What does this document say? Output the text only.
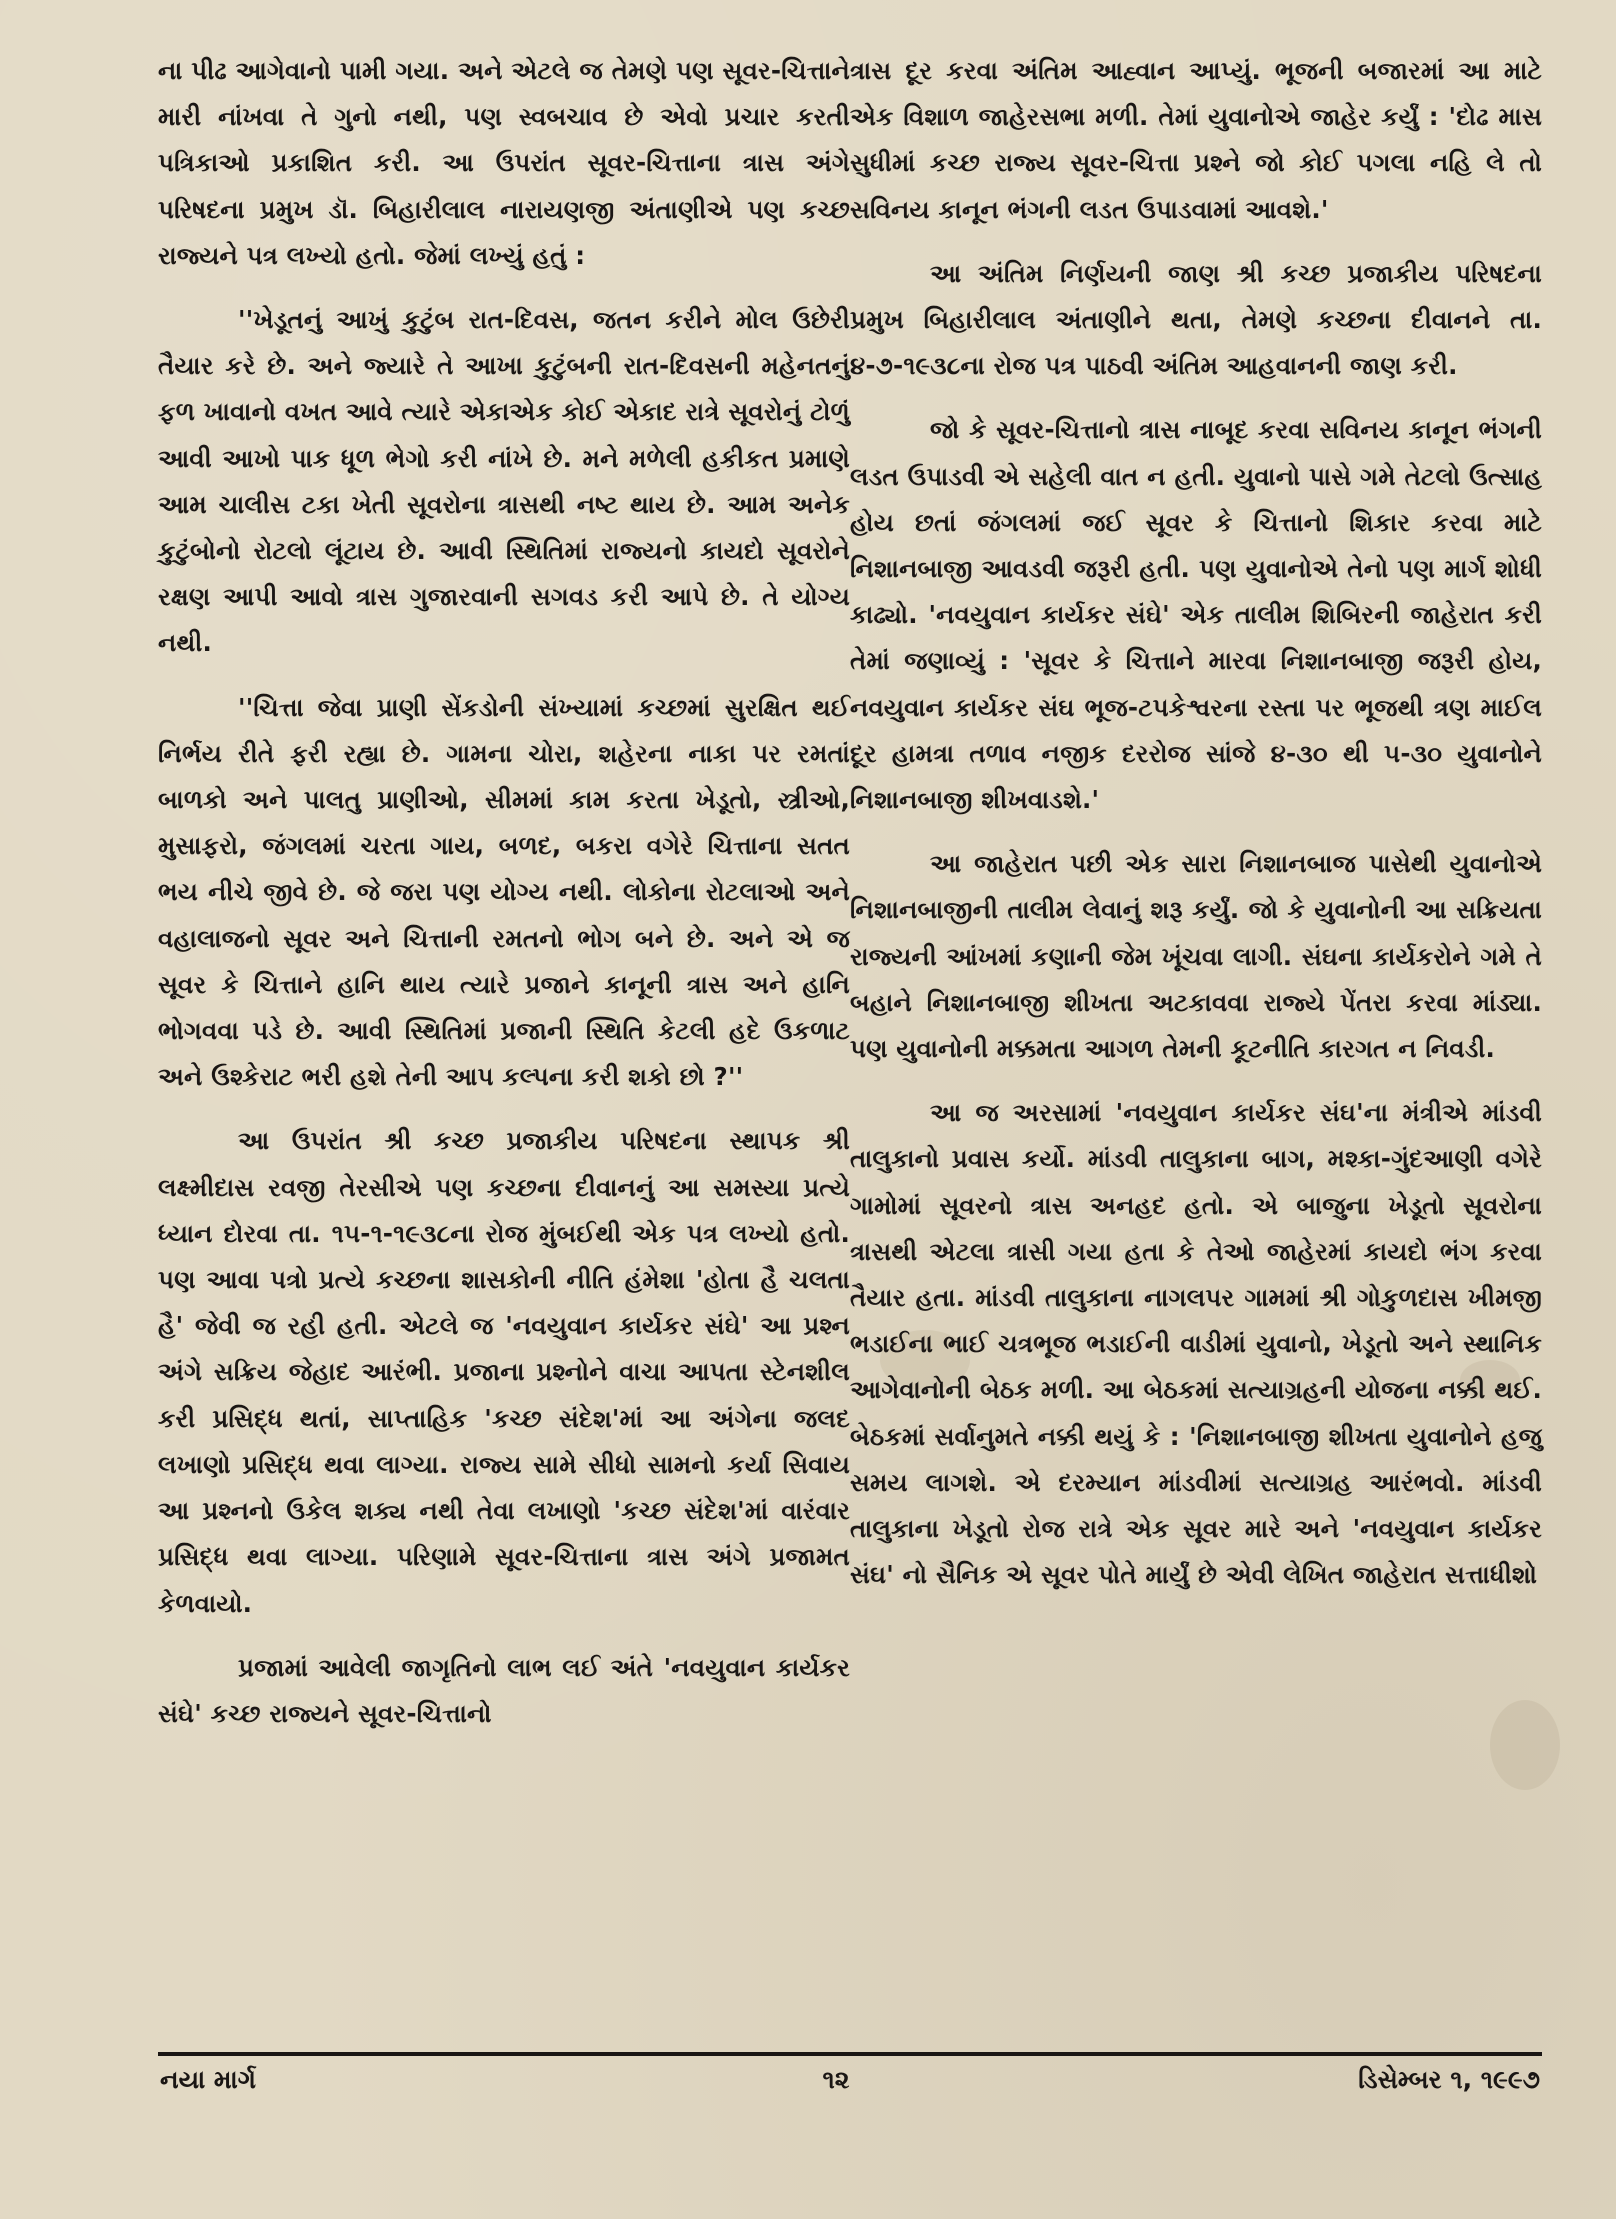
ના પીઢ આગેવાનો પામી ગયા. અને એટલે જ તેમણે પણ સૂવર-ચિત્તાને મારી નાંખવા તે ગુનો નથી, પણ સ્વબચાવ છે એવો પ્રચાર કરતી પત્રિકાઓ પ્રકાશિત કરી. આ ઉપરાંત સૂવર-ચિત્તાના ત્રાસ અંગે પરિષદના પ્રમુખ ડૉ. બિહારીલાલ નારાયણજી અંતાણીએ પણ કચ્છ રાજ્યને પત્ર લખ્યો હતો. જેમાં લખ્યું હતું :

''ખેડૂતનું આખું કુટુંબ રાત-દિવસ, જતન કરીને મોલ ઉછેરી તૈયાર કરે છે. અને જ્યારે તે આખા કુટુંબની રાત-દિવસની મહેનતનું ફળ ખાવાનો વખત આવે ત્યારે એકાએક કોઈ એકાદ રાત્રે સૂવરોનું ટોળું આવી આખો પાક ધૂળ ભેગો કરી નાંખે છે. મને મળેલી હકીકત પ્રમાણે આમ ચાલીસ ટકા ખેતી સૂવરોના ત્રાસથી નષ્ટ થાય છે. આમ અનેક કુટુંબોનો રોટલો લૂંટાય છે. આવી સ્થિતિમાં રાજ્યનો કાયદો સૂવરોને રક્ષણ આપી આવો ત્રાસ ગુજારવાની સગવડ કરી આપે છે. તે યોગ્ય નથી.

''ચિત્તા જેવા પ્રાણી સેંકડોની સંખ્યામાં કચ્છમાં સુરક્ષિત થઈ નિર્ભય રીતે ફરી રહ્યા છે. ગામના ચોરા, શહેરના નાકા પર રમતાં બાળકો અને પાલતુ પ્રાણીઓ, સીમમાં કામ કરતા ખેડૂતો, સ્ત્રીઓ, મુસાફરો, જંગલમાં ચરતા ગાય, બળદ, બકરા વગેરે ચિત્તાના સતત ભય નીચે જીવે છે. જે જરા પણ યોગ્ય નથી. લોકોના રોટલાઓ અને વહાલાજનો સૂવર અને ચિત્તાની રમતનો ભોગ બને છે. અને એ જ સૂવર કે ચિત્તાને હાનિ થાય ત્યારે પ્રજાને કાનૂની ત્રાસ અને હાનિ ભોગવવા પડે છે. આવી સ્થિતિમાં પ્રજાની સ્થિતિ કેટલી હદે ઉકળાટ અને ઉશ્કેરાટ ભરી હશે તેની આપ કલ્પના કરી શકો છો ?''

આ ઉપરાંત શ્રી કચ્છ પ્રજાકીય પરિષદના સ્થાપક શ્રી લક્ષ્મીદાસ રવજી તેરસીએ પણ કચ્છના દીવાનનું આ સમસ્યા પ્રત્યે ધ્યાન દોરવા તા. ૧૫-૧-૧૯૩૮ના રોજ મુંબઈથી એક પત્ર લખ્યો હતો. પણ આવા પત્રો પ્રત્યે કચ્છના શાસકોની નીતિ હંમેશા 'હોતા હૈ ચલતા હૈ' જેવી જ રહી હતી. એટલે જ 'નવયુવાન કાર્યકર સંઘે' આ પ્રશ્ન અંગે સક્રિય જેહાદ આરંભી. પ્રજાના પ્રશ્નોને વાચા આપતા સ્ટેનશીલ કરી પ્રસિદ્ધ થતાં, સાપ્તાહિક 'કચ્છ સંદેશ'માં આ અંગેના જલદ લખાણો પ્રસિદ્ધ થવા લાગ્યા. રાજ્ય સામે સીધો સામનો કર્યા સિવાય આ પ્રશ્નનો ઉકેલ શક્ય નથી તેવા લખાણો 'કચ્છ સંદેશ'માં વારંવાર પ્રસિદ્ધ થવા લાગ્યા. પરિણામે સૂવર-ચિત્તાના ત્રાસ અંગે પ્રજામત કેળવાયો.

પ્રજામાં આવેલી જાગૃતિનો લાભ લઈ અંતે 'નવયુવાન કાર્યકર સંઘે' કચ્છ રાજ્યને સૂવર-ચિત્તાનો

ત્રાસ દૂર કરવા અંતિમ આહ્વાન આપ્યું. ભૂજની બજારમાં આ માટે એક વિશાળ જાહેરસભા મળી. તેમાં યુવાનોએ જાહેર કર્યું : 'દોઢ માસ સુધીમાં કચ્છ રાજ્ય સૂવર-ચિત્તા પ્રશ્ને જો કોઈ પગલા નહિ લે તો સવિનય કાનૂન ભંગની લડત ઉપાડવામાં આવશે.'

આ અંતિમ નિર્ણયની જાણ શ્રી કચ્છ પ્રજાકીય પરિષદના પ્રમુખ બિહારીલાલ અંતાણીને થતા, તેમણે કચ્છના દીવાનને તા. ૪-૭-૧૯૩૮ના રોજ પત્ર પાઠવી અંતિમ આહવાનની જાણ કરી.

જો કે સૂવર-ચિત્તાનો ત્રાસ નાબૂદ કરવા સવિનય કાનૂન ભંગની લડત ઉપાડવી એ સહેલી વાત ન હતી. યુવાનો પાસે ગમે તેટલો ઉત્સાહ હોય છતાં જંગલમાં જઈ સૂવર કે ચિત્તાનો શિકાર કરવા માટે નિશાનબાજી આવડવી જરૂરી હતી. પણ યુવાનોએ તેનો પણ માર્ગ શોધી કાઢ્યો. 'નવયુવાન કાર્યકર સંઘે' એક તાલીમ શિબિરની જાહેરાત કરી તેમાં જણાવ્યું : 'સૂવર કે ચિત્તાને મારવા નિશાનબાજી જરૂરી હોય, નવયુવાન કાર્યકર સંઘ ભૂજ-ટપકેશ્વરના રસ્તા પર ભૂજથી ત્રણ માઈલ દૂર હામત્રા તળાવ નજીક દરરોજ સાંજે ૪-૩૦ થી ૫-૩૦ યુવાનોને નિશાનબાજી શીખવાડશે.'

આ જાહેરાત પછી એક સારા નિશાનબાજ પાસેથી યુવાનોએ નિશાનબાજીની તાલીમ લેવાનું શરૂ કર્યું. જો કે યુવાનોની આ સક્રિયતા રાજ્યની આંખમાં કણાની જેમ ખૂંચવા લાગી. સંઘના કાર્યકરોને ગમે તે બહાને નિશાનબાજી શીખતા અટકાવવા રાજ્યે પેંતરા કરવા માંડ્યા. પણ યુવાનોની મક્કમતા આગળ તેમની કૂટનીતિ કારગત ન નિવડી.

આ જ અરસામાં 'નવયુવાન કાર્યકર સંઘ'ના મંત્રીએ માંડવી તાલુકાનો પ્રવાસ કર્યો. માંડવી તાલુકાના બાગ, મશ્કા-ગુંદઆણી વગેરે ગામોમાં સૂવરનો ત્રાસ અનહદ હતો. એ બાજુના ખેડૂતો સૂવરોના ત્રાસથી એટલા ત્રાસી ગયા હતા કે તેઓ જાહેરમાં કાયદો ભંગ કરવા તૈયાર હતા. માંડવી તાલુકાના નાગલપર ગામમાં શ્રી ગોકુળદાસ ખીમજી ભડાઈના ભાઈ ચત્રભૂજ ભડાઈની વાડીમાં યુવાનો, ખેડૂતો અને સ્થાનિક આગેવાનોની બેઠક મળી. આ બેઠકમાં સત્યાગ્રહની યોજના નક્કી થઈ. બેઠકમાં સર્વાનુમતે નક્કી થયું કે : 'નિશાનબાજી શીખતા યુવાનોને હજુ સમય લાગશે. એ દરમ્યાન માંડવીમાં સત્યાગ્રહ આરંભવો. માંડવી તાલુકાના ખેડૂતો રોજ રાત્રે એક સૂવર મારે અને 'નવયુવાન કાર્યકર સંઘ' નો સૈનિક એ સૂવર પોતે માર્યું છે એવી લેખિત જાહેરાત સત્તાધીશો

નયા માર્ગ	૧૨	ડિસેમ્બર ૧, ૧૯૯૭
